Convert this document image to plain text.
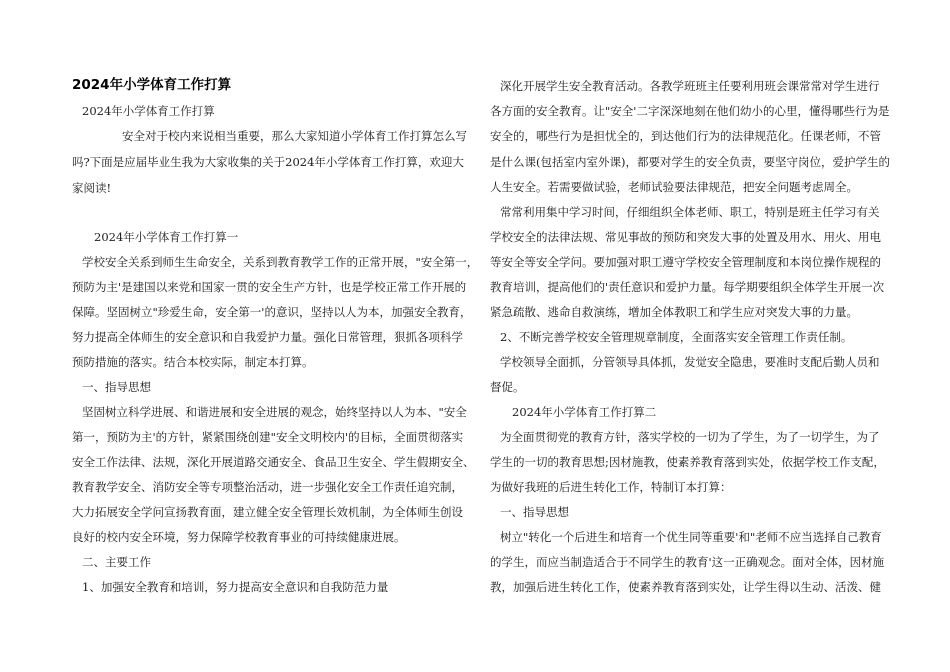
2024年小学体育工作打算
2024年小学体育工作打算
安全对于校内来说相当重要，那么大家知道小学体育工作打算怎么写
吗?下面是应届毕业生我为大家收集的关于2024年小学体育工作打算，欢迎大
家阅读!
2024年小学体育工作打算一
学校安全关系到师生生命安全，关系到教育教学工作的正常开展，"安全第一，
预防为主'是建国以来党和国家一贯的安全生产方针，也是学校正常工作开展的
保障。坚固树立"珍爱生命，安全第一'的意识，坚持以人为本，加强安全教育，
努力提高全体师生的安全意识和自我爱护力量。强化日常管理，狠抓各项科学
预防措施的落实。结合本校实际，制定本打算。
一、指导思想
坚固树立科学进展、和谐进展和安全进展的观念，始终坚持以人为本、"安全
第一，预防为主'的方针，紧紧围绕创建"安全文明校内'的目标，全面贯彻落实
安全工作法律、法规，深化开展道路交通安全、食品卫生安全、学生假期安全、
教育教学安全、消防安全等专项整治活动，进一步强化安全工作责任追究制，
大力拓展安全学问宣扬教育面，建立健全安全管理长效机制，为全体师生创设
良好的校内安全环境，努力保障学校教育事业的可持续健康进展。
二、主要工作
1、加强安全教育和培训，努力提高安全意识和自我防范力量
深化开展学生安全教育活动。各教学班班主任要利用班会课常常对学生进行
各方面的安全教育。让"安全'二字深深地刻在他们幼小的心里，懂得哪些行为是
安全的，哪些行为是担忧全的，到达他们行为的法律规范化。任课老师，不管
是什么课(包括室内室外课)，都要对学生的安全负责，要坚守岗位，爱护学生的
人生安全。若需要做试验，老师试验要法律规范，把安全问题考虑周全。
常常利用集中学习时间，仔细组织全体老师、职工，特别是班主任学习有关
学校安全的法律法规、常见事故的预防和突发大事的处置及用水、用火、用电
等安全等安全学问。要加强对职工遵守学校安全管理制度和本岗位操作规程的
教育培训，提高他们的'责任意识和爱护力量。每学期要组织全体学生开展一次
紧急疏散、逃命自救演练，增加全体教职工和学生应对突发大事的力量。
2、不断完善学校安全管理规章制度，全面落实安全管理工作责任制。
学校领导全面抓，分管领导具体抓，发觉安全隐患，要准时支配后勤人员和
督促。
2024年小学体育工作打算二
为全面贯彻党的教育方针，落实学校的一切为了学生，为了一切学生，为了
学生的一切的教育思想;因材施教，使素养教育落到实处，依据学校工作支配，
为做好我班的后进生转化工作，特制订本打算：
一、指导思想
树立"转化一个后进生和培育一个优生同等重要'和"老师不应当选择自己教育
的学生，而应当制造适合于不同学生的教育'这一正确观念。面对全体，因材施
教，加强后进生转化工作，使素养教育落到实处，让学生得以生动、活泼、健
